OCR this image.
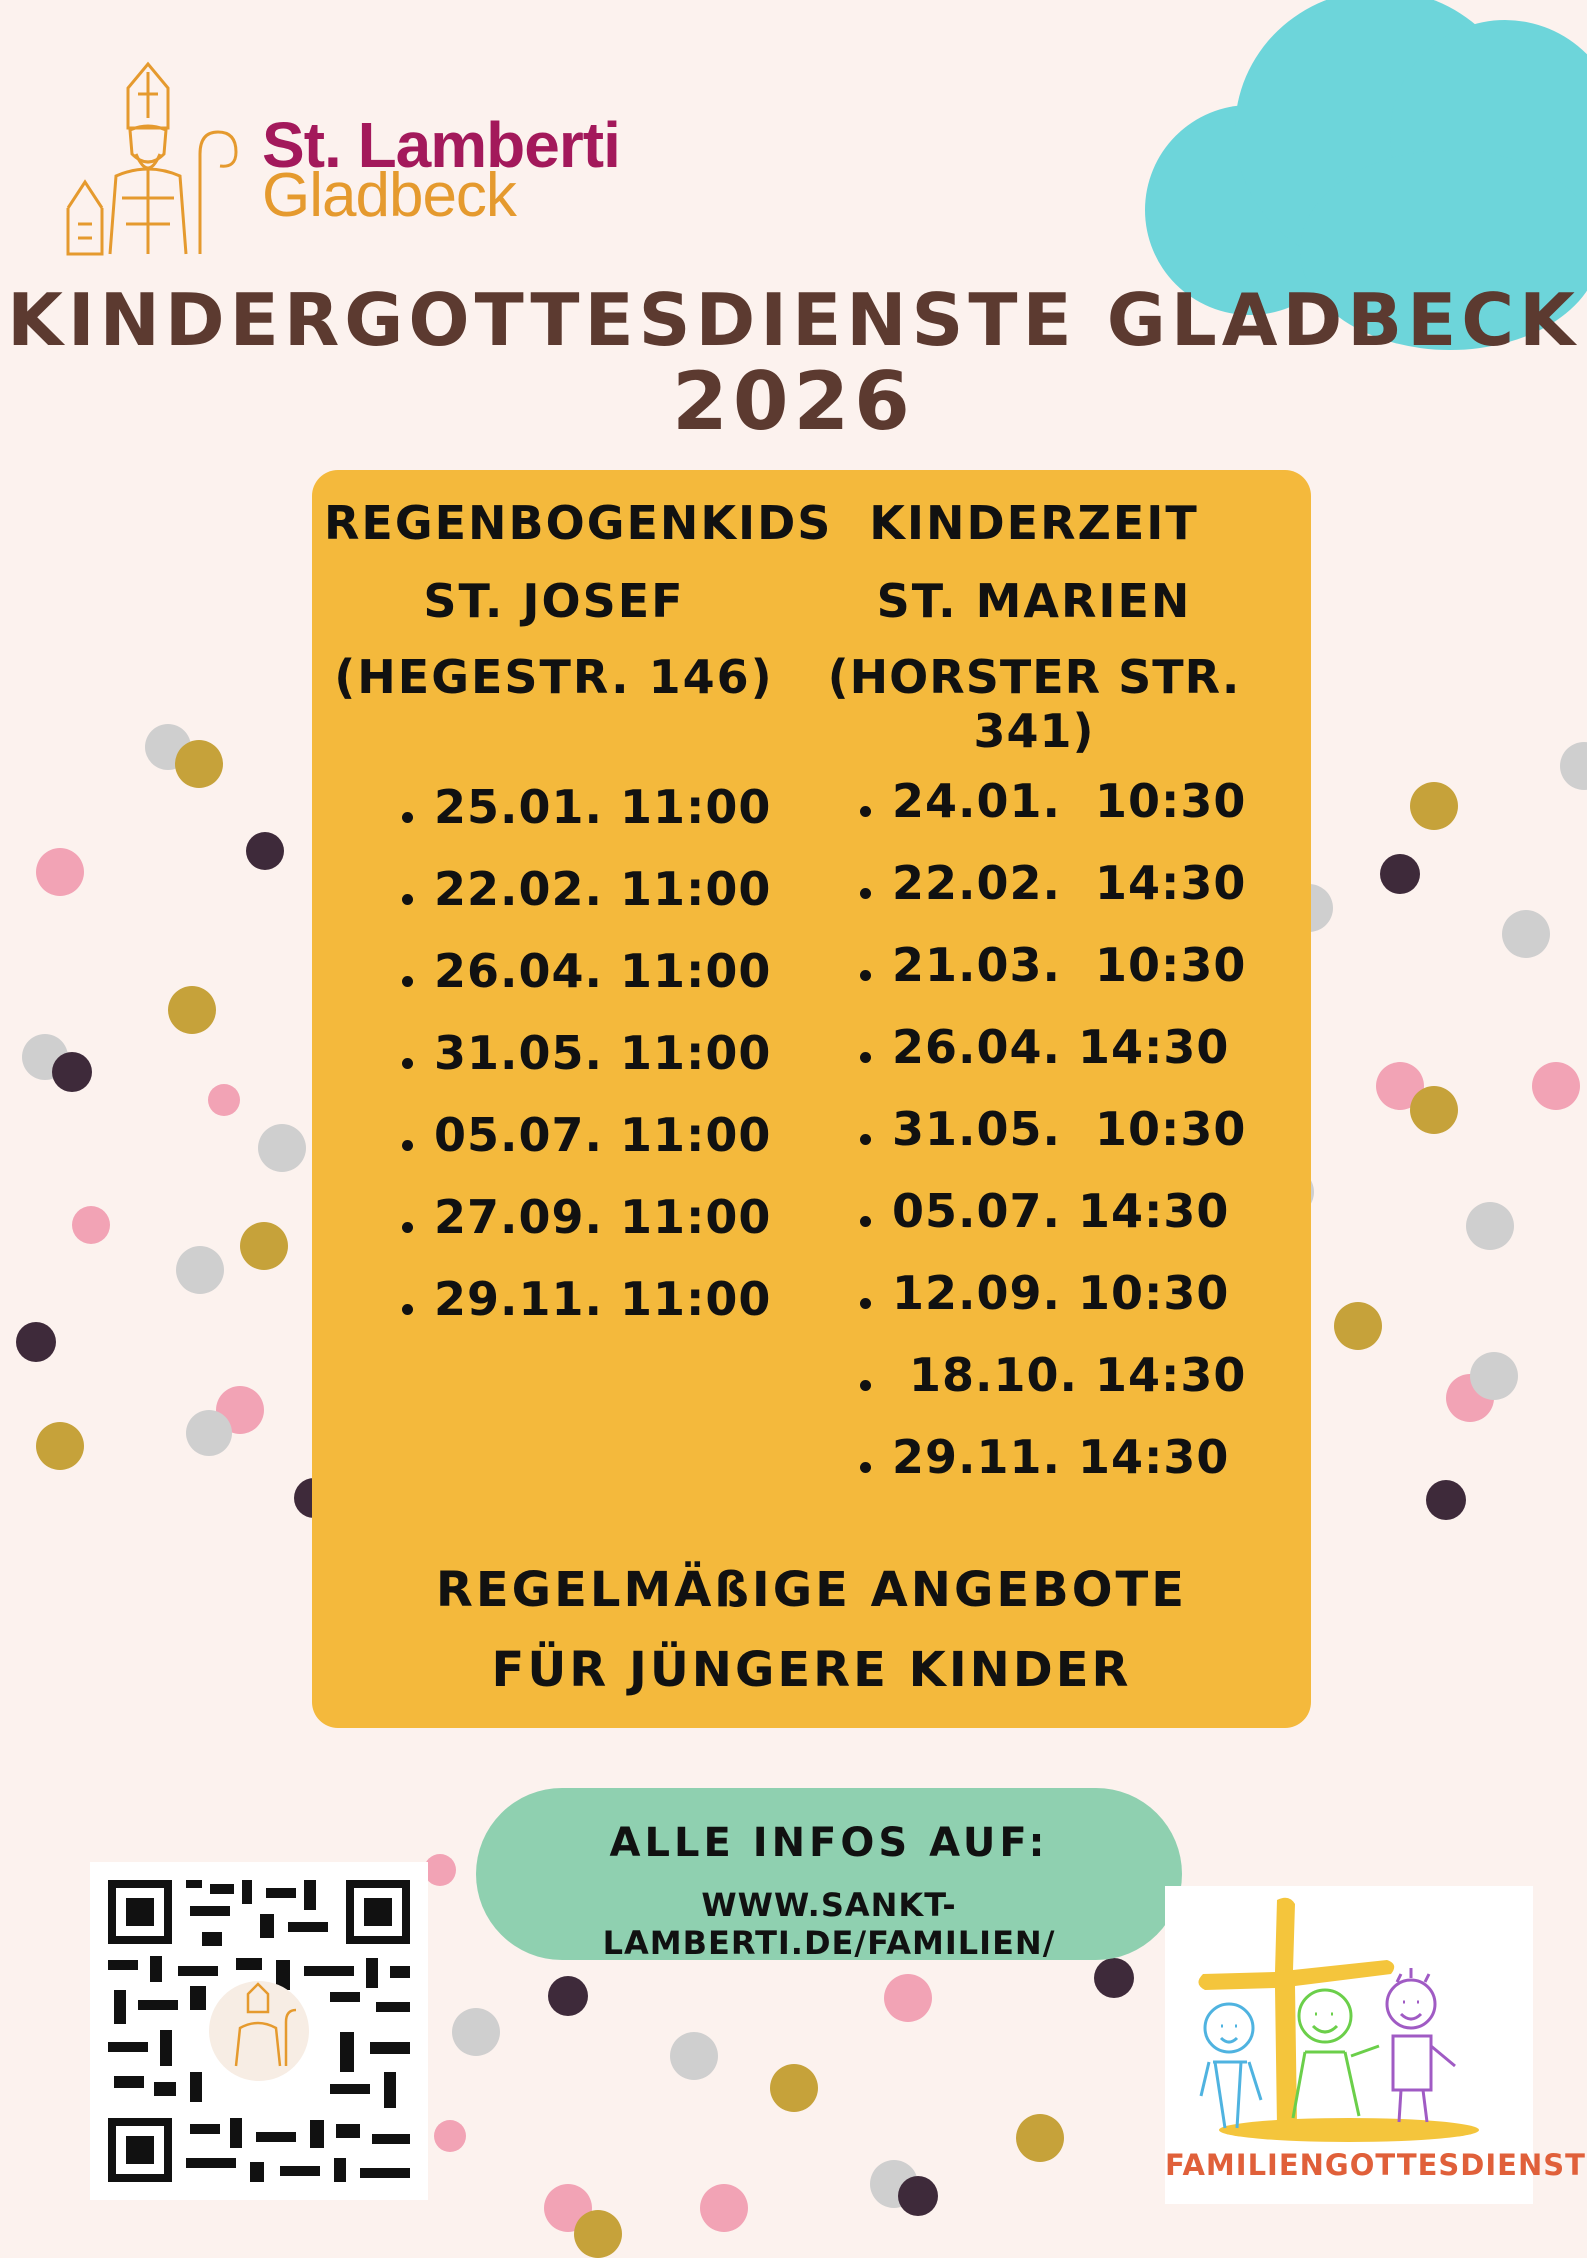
St. Lamberti
Gladbeck
KINDERGOTTESDIENSTE GLADBECK
2026
REGENBOGENKIDS
ST. JOSEF
(HEGESTR. 146)
KINDERZEIT
ST. MARIEN
(HORSTER STR. 341)
25.01. 11:00
22.02. 11:00
26.04. 11:00
31.05. 11:00
05.07. 11:00
27.09. 11:00
29.11. 11:00
24.01.  10:30
22.02.  14:30
21.03.  10:30
26.04. 14:30
31.05.  10:30
05.07. 14:30
12.09. 10:30
18.10. 14:30
29.11. 14:30
REGELMÄßIGE ANGEBOTE
FÜR JÜNGERE KINDER
ALLE INFOS AUF:
WWW.SANKT-LAMBERTI.DE/FAMILIEN/
FAMILIENGOTTESDIENST
